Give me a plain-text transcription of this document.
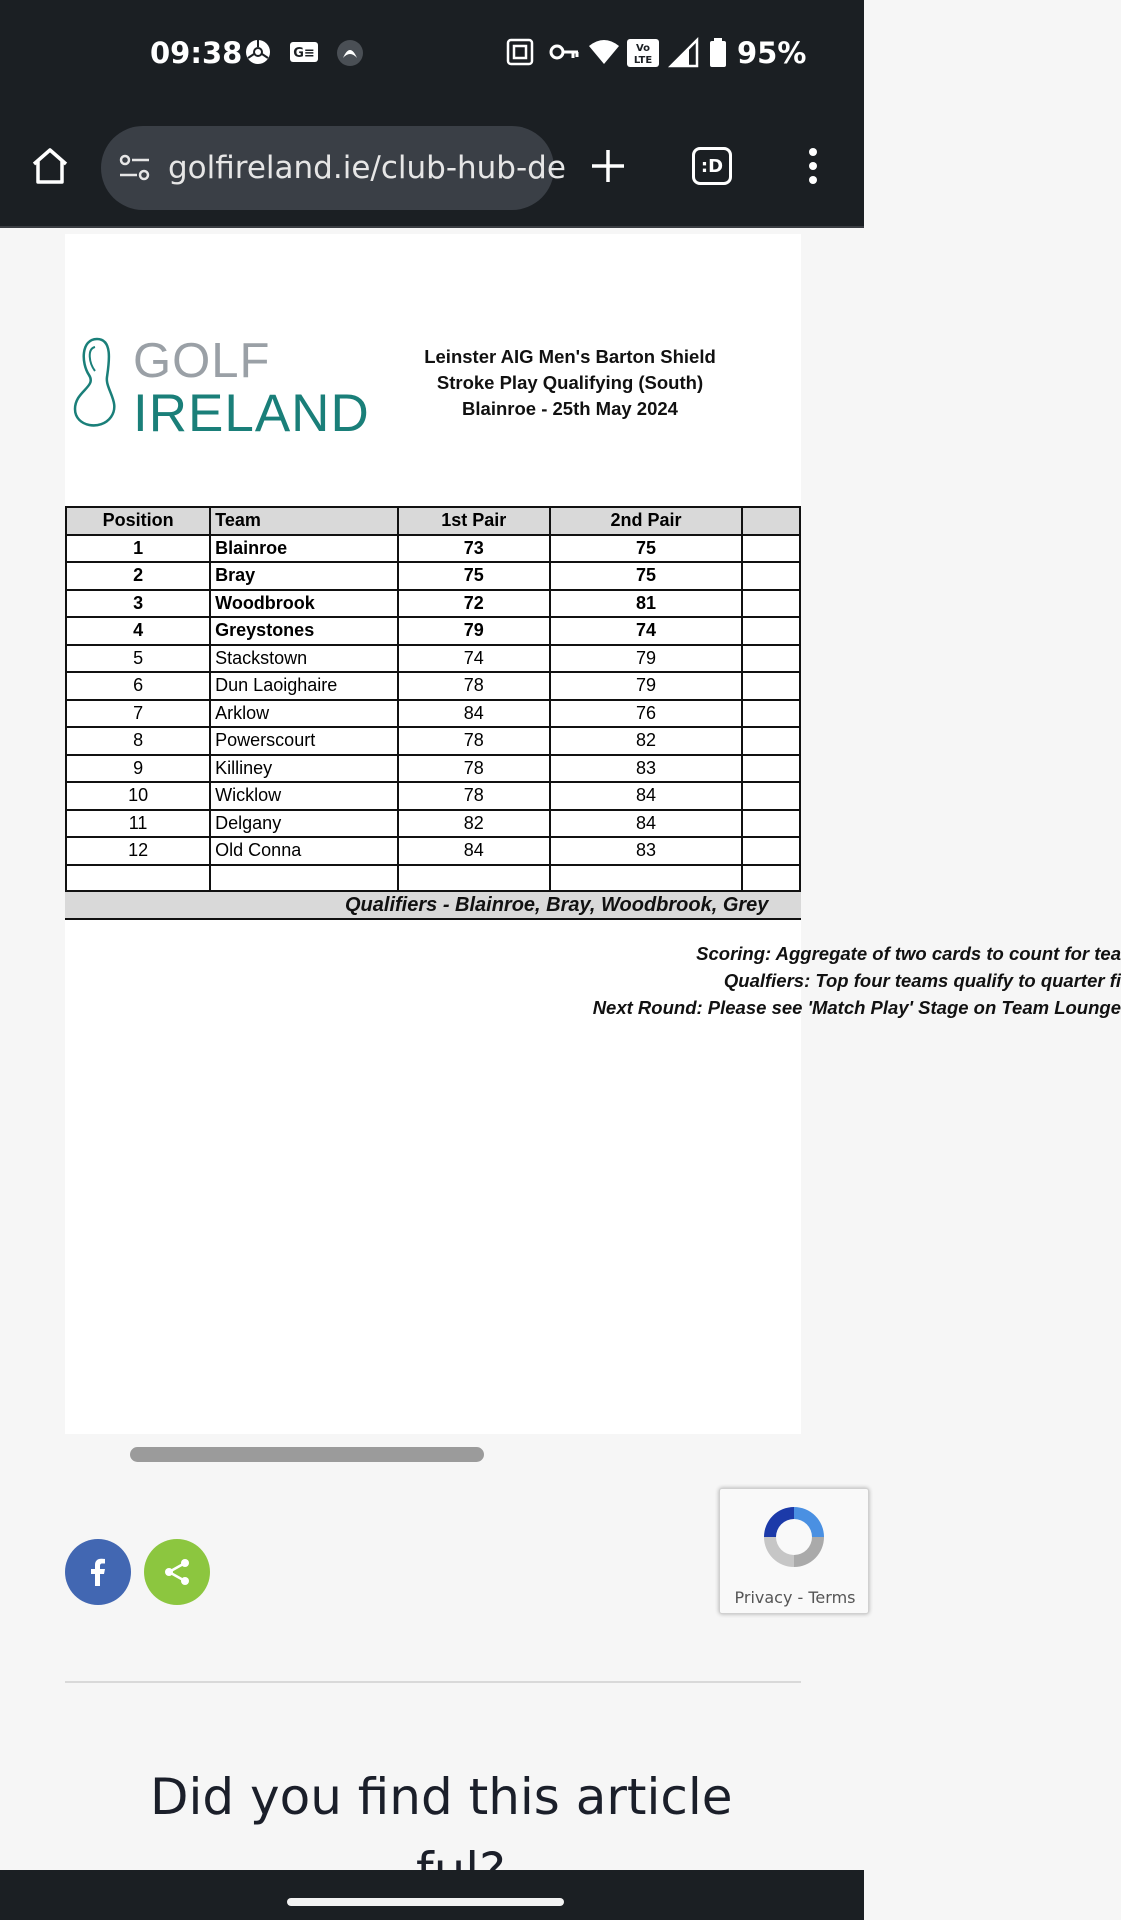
09:38	G≡	Vo
LTE	95%
golfireland.ie/club-hub-de	:D
GOLF
IRELAND
Leinster AIG Men's Barton Shield
Stroke Play Qualifying (South)
Blainroe - 25th May 2024
Position	Team	1st Pair	2nd Pair	
1	Blainroe	73	75	
2	Bray	75	75	
3	Woodbrook	72	81	
4	Greystones	79	74	
5	Stackstown	74	79	
6	Dun Laoighaire	78	79	
7	Arklow	84	76	
8	Powerscourt	78	82	
9	Killiney	78	83	
10	Wicklow	78	84	
11	Delgany	82	84	
12	Old Conna	84	83	

Qualifiers - Blainroe, Bray, Woodbrook, Grey
Scoring: Aggregate of two cards to count for tea
Qualfiers: Top four teams qualify to quarter fi
Next Round: Please see 'Match Play' Stage on Team Lounge
Did you find this article
Privacy - Terms
